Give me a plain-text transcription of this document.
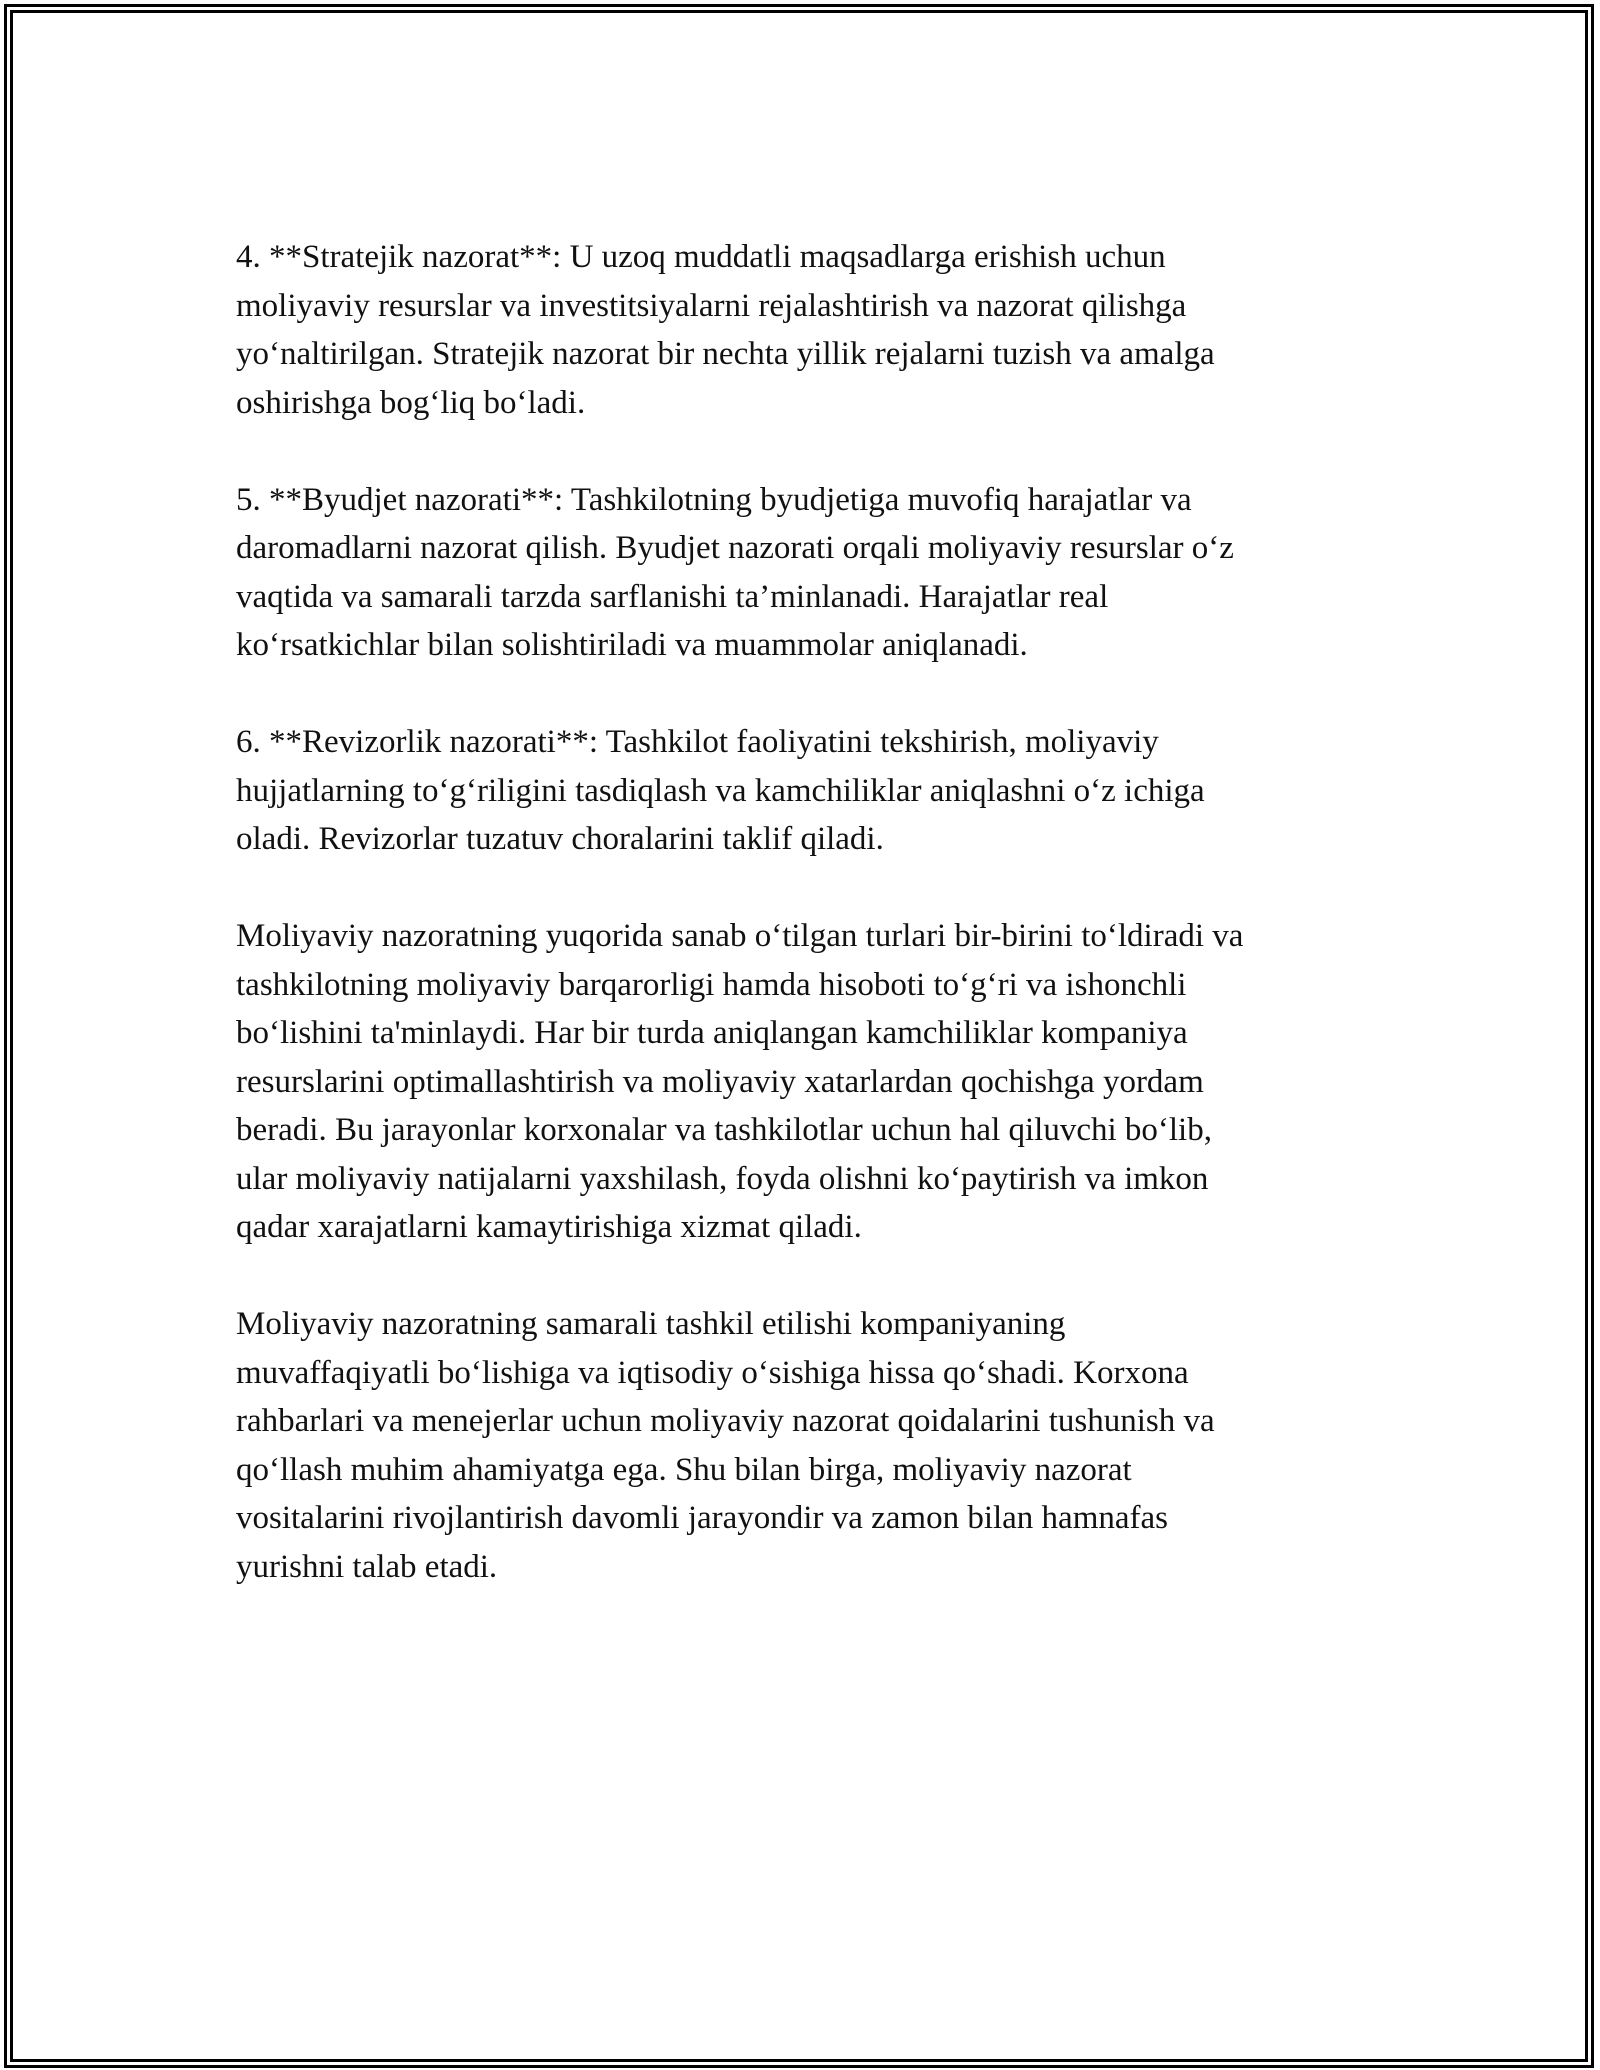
4. **Stratejik nazorat**: U uzoq muddatli maqsadlarga erishish uchun
moliyaviy resurslar va investitsiyalarni rejalashtirish va nazorat qilishga
yo‘naltirilgan. Stratejik nazorat bir nechta yillik rejalarni tuzish va amalga
oshirishga bog‘liq bo‘ladi.

5. **Byudjet nazorati**: Tashkilotning byudjetiga muvofiq harajatlar va
daromadlarni nazorat qilish. Byudjet nazorati orqali moliyaviy resurslar o‘z
vaqtida va samarali tarzda sarflanishi ta’minlanadi. Harajatlar real
ko‘rsatkichlar bilan solishtiriladi va muammolar aniqlanadi.

6. **Revizorlik nazorati**: Tashkilot faoliyatini tekshirish, moliyaviy
hujjatlarning to‘g‘riligini tasdiqlash va kamchiliklar aniqlashni o‘z ichiga
oladi. Revizorlar tuzatuv choralarini taklif qiladi.

Moliyaviy nazoratning yuqorida sanab o‘tilgan turlari bir-birini to‘ldiradi va
tashkilotning moliyaviy barqarorligi hamda hisoboti to‘g‘ri va ishonchli
bo‘lishini ta'minlaydi. Har bir turda aniqlangan kamchiliklar kompaniya
resurslarini optimallashtirish va moliyaviy xatarlardan qochishga yordam
beradi. Bu jarayonlar korxonalar va tashkilotlar uchun hal qiluvchi bo‘lib,
ular moliyaviy natijalarni yaxshilash, foyda olishni ko‘paytirish va imkon
qadar xarajatlarni kamaytirishiga xizmat qiladi.

Moliyaviy nazoratning samarali tashkil etilishi kompaniyaning
muvaffaqiyatli bo‘lishiga va iqtisodiy o‘sishiga hissa qo‘shadi. Korxona
rahbarlari va menejerlar uchun moliyaviy nazorat qoidalarini tushunish va
qo‘llash muhim ahamiyatga ega. Shu bilan birga, moliyaviy nazorat
vositalarini rivojlantirish davomli jarayondir va zamon bilan hamnafas
yurishni talab etadi.
